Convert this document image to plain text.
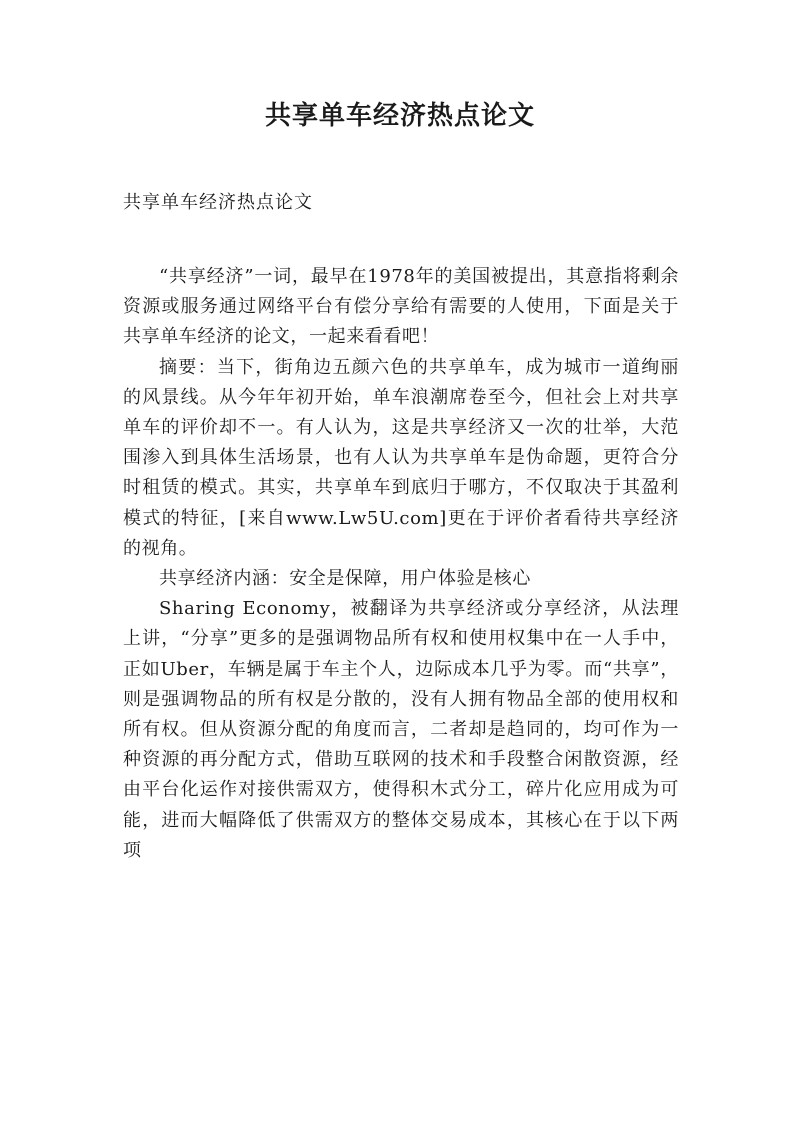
共享单车经济热点论文
共享单车经济热点论文

“共享经济”一词，最早在1978年的美国被提出，其意指将剩余资源或服务通过网络平台有偿分享给有需要的人使用，下面是关于共享单车经济的论文，一起来看看吧！

摘要：当下，街角边五颜六色的共享单车，成为城市一道绚丽的风景线。从今年年初开始，单车浪潮席卷至今，但社会上对共享单车的评价却不一。有人认为，这是共享经济又一次的壮举，大范围渗入到具体生活场景，也有人认为共享单车是伪命题，更符合分时租赁的模式。其实，共享单车到底归于哪方，不仅取决于其盈利模式的特征，[来自www.Lw5U.com]更在于评价者看待共享经济的视角。

共享经济内涵：安全是保障，用户体验是核心

Sharing Economy，被翻译为共享经济或分享经济，从法理上讲，“分享”更多的是强调物品所有权和使用权集中在一人手中，正如Uber，车辆是属于车主个人，边际成本几乎为零。而“共享”，则是强调物品的所有权是分散的，没有人拥有物品全部的使用权和所有权。但从资源分配的角度而言，二者却是趋同的，均可作为一种资源的再分配方式，借助互联网的技术和手段整合闲散资源，经由平台化运作对接供需双方，使得积木式分工，碎片化应用成为可能，进而大幅降低了供需双方的整体交易成本，其核心在于以下两项
